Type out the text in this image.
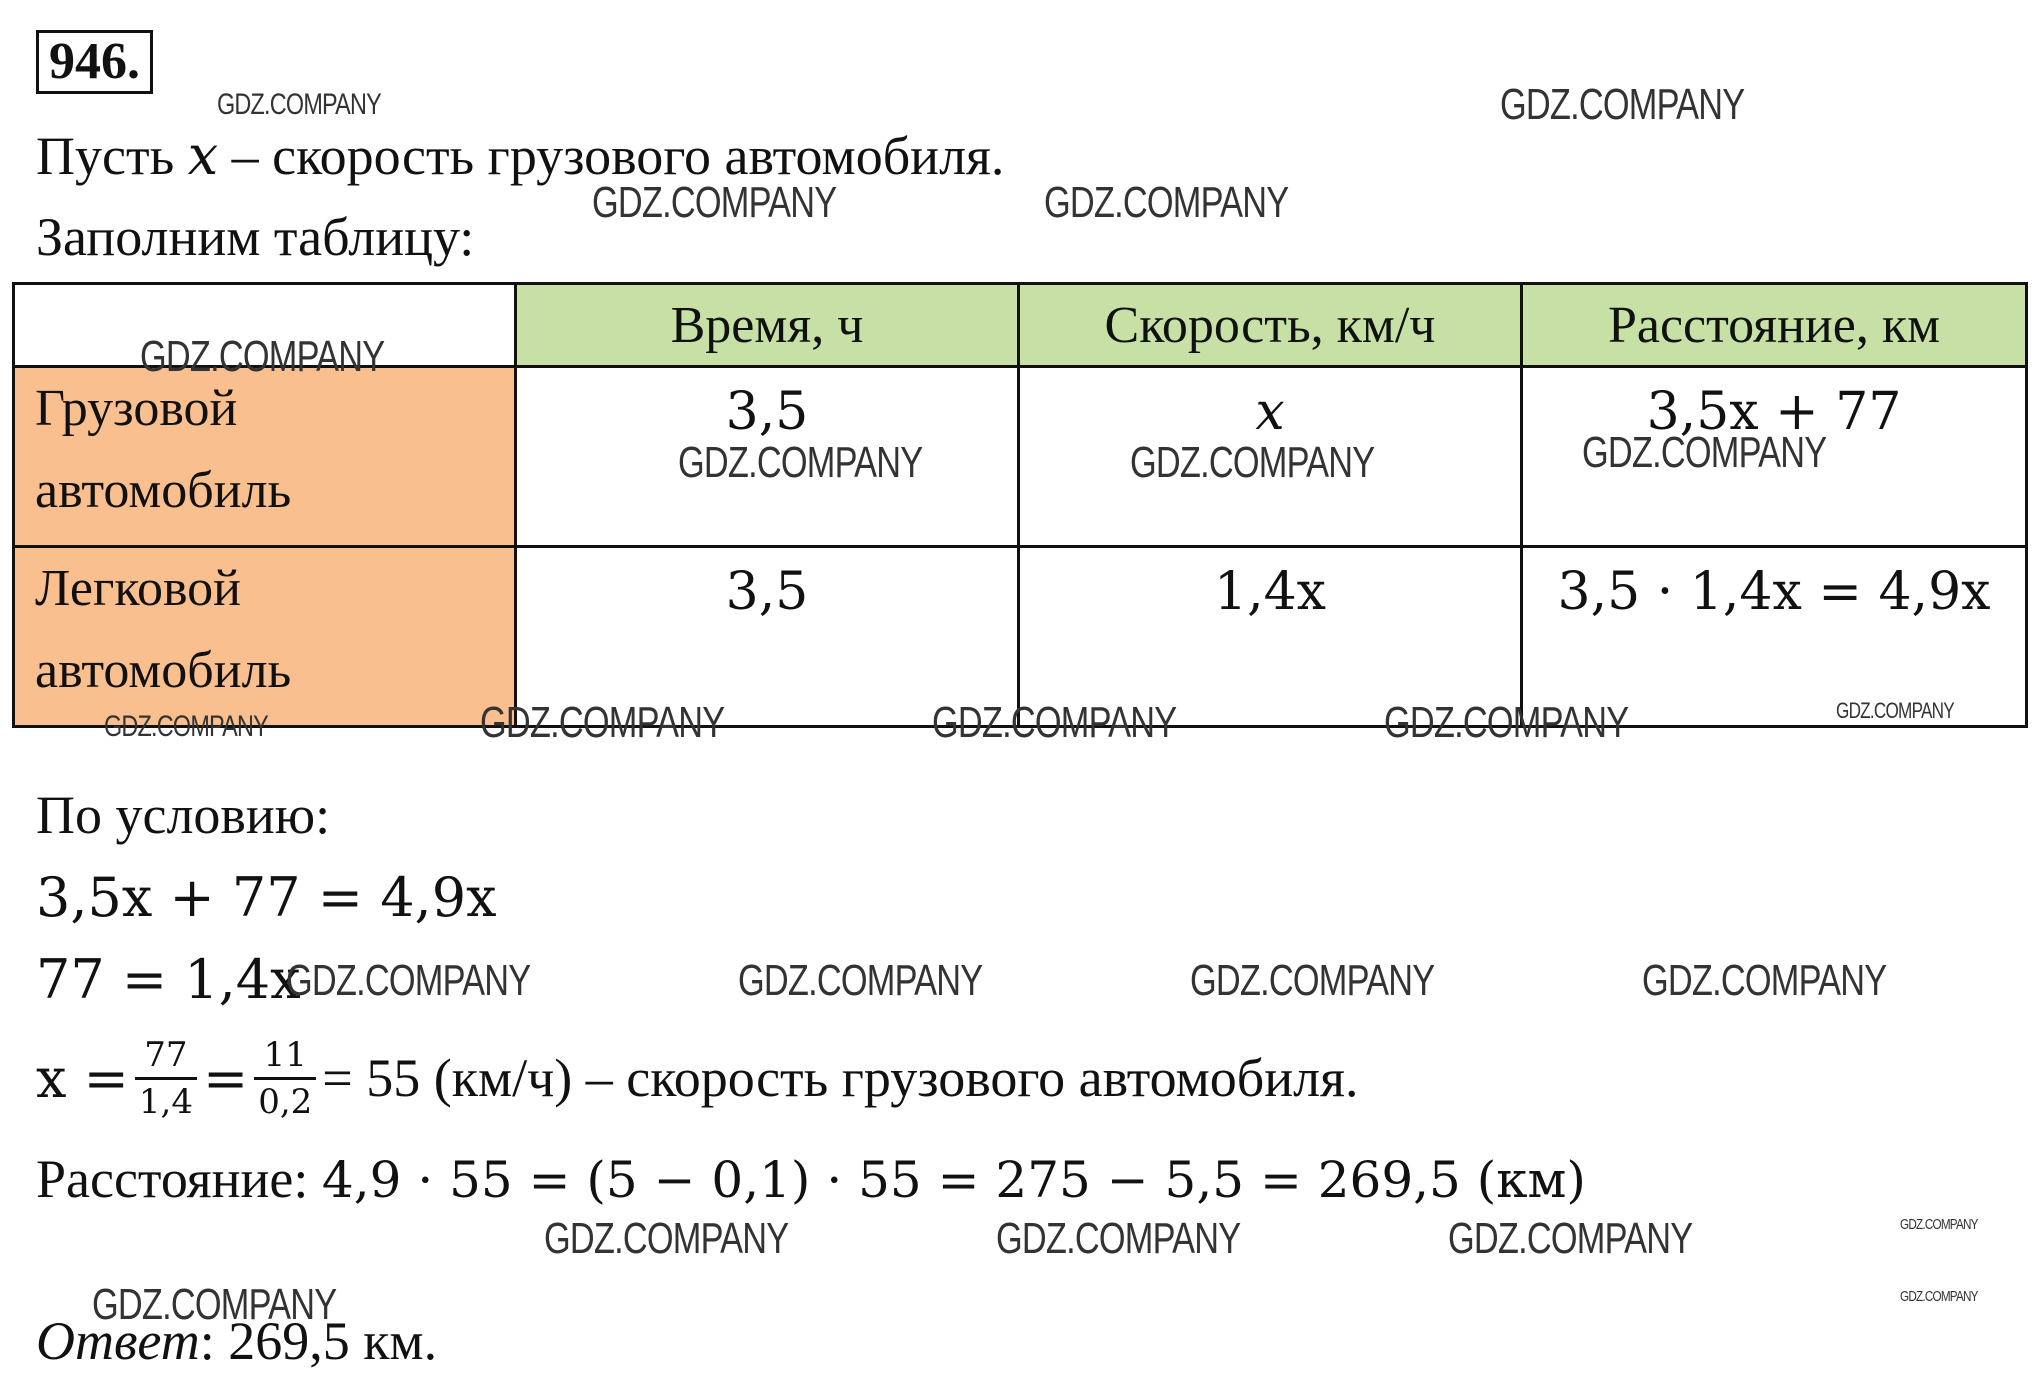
946.
Пусть x – скорость грузового автомобиля.
Заполним таблицу:
	Время, ч	Скорость, км/ч	Расстояние, км

Грузовой
автомобиль	3,5	x	3,5x + 77

Легковой
автомобиль	3,5	1,4x	3,5 · 1,4x = 4,9x
По условию:
3,5x + 77 = 4,9x
77 = 1,4x
$x = \frac{77}{1,4} = \frac{11}{0,2} = 55$ (км/ч) – скорость грузового автомобиля.
Расстояние: 4,9 · 55 = (5 − 0,1) · 55 = 275 − 5,5 = 269,5 (км)
Ответ: 269,5 км.
GDZ.COMPANY	GDZ.COMPANY
GDZ.COMPANY	GDZ.COMPANY
GDZ.COMPANY
GDZ.COMPANY	GDZ.COMPANY	GDZ.COMPANY
GDZ.COMPANY	GDZ.COMPANY	GDZ.COMPANY	GDZ.COMPANY	GDZ.COMPANY
GDZ.COMPANY	GDZ.COMPANY	GDZ.COMPANY	GDZ.COMPANY
GDZ.COMPANY	GDZ.COMPANY	GDZ.COMPANY	GDZ.COMPANY
GDZ.COMPANY	GDZ.COMPANY
